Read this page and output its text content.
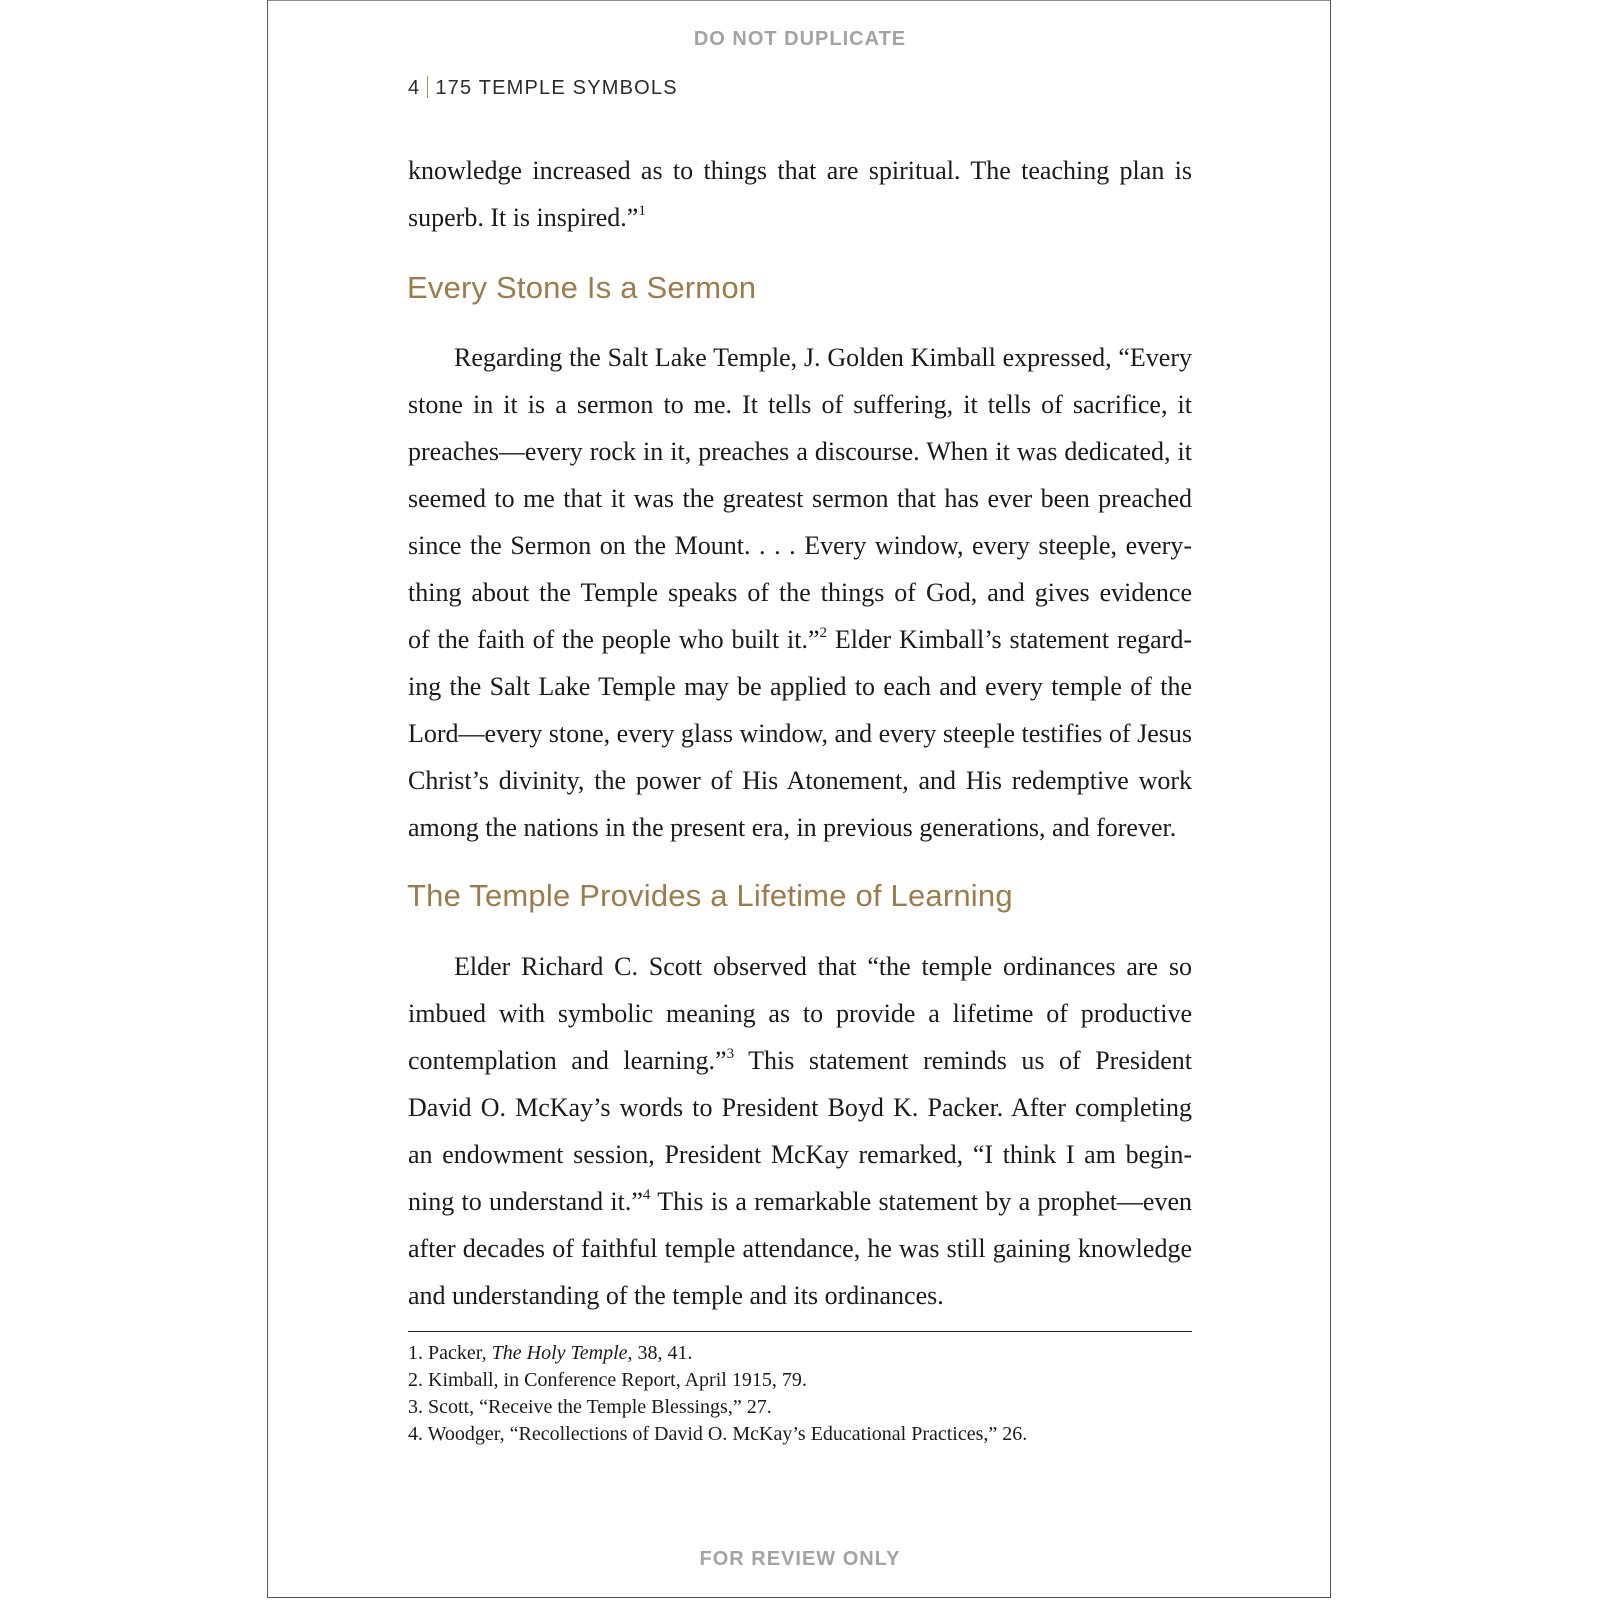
DO NOT DUPLICATE
4 175 TEMPLE SYMBOLS
knowledge increased as to things that are spiritual. The teaching plan is
superb. It is inspired.”$^1$
Every Stone Is a Sermon
Regarding the Salt Lake Temple, J. Golden Kimball expressed, “Every
stone in it is a sermon to me. It tells of suffering, it tells of sacrifice, it
preaches—every rock in it, preaches a discourse. When it was dedicated, it
seemed to me that it was the greatest sermon that has ever been preached
since the Sermon on the Mount. . . . Every window, every steeple, every-
thing about the Temple speaks of the things of God, and gives evidence
of the faith of the people who built it.”$^2$ Elder Kimball’s statement regard-
ing the Salt Lake Temple may be applied to each and every temple of the
Lord—every stone, every glass window, and every steeple testifies of Jesus
Christ’s divinity, the power of His Atonement, and His redemptive work
among the nations in the present era, in previous generations, and forever.
The Temple Provides a Lifetime of Learning
Elder Richard C. Scott observed that “the temple ordinances are so
imbued with symbolic meaning as to provide a lifetime of productive
contemplation and learning.”$^3$ This statement reminds us of President
David O. McKay’s words to President Boyd K. Packer. After completing
an endowment session, President McKay remarked, “I think I am begin-
ning to understand it.”$^4$ This is a remarkable statement by a prophet—even
after decades of faithful temple attendance, he was still gaining knowledge
and understanding of the temple and its ordinances.
1. Packer, The Holy Temple, 38, 41.
2. Kimball, in Conference Report, April 1915, 79.
3. Scott, “Receive the Temple Blessings,” 27.
4. Woodger, “Recollections of David O. McKay’s Educational Practices,” 26.
FOR REVIEW ONLY
